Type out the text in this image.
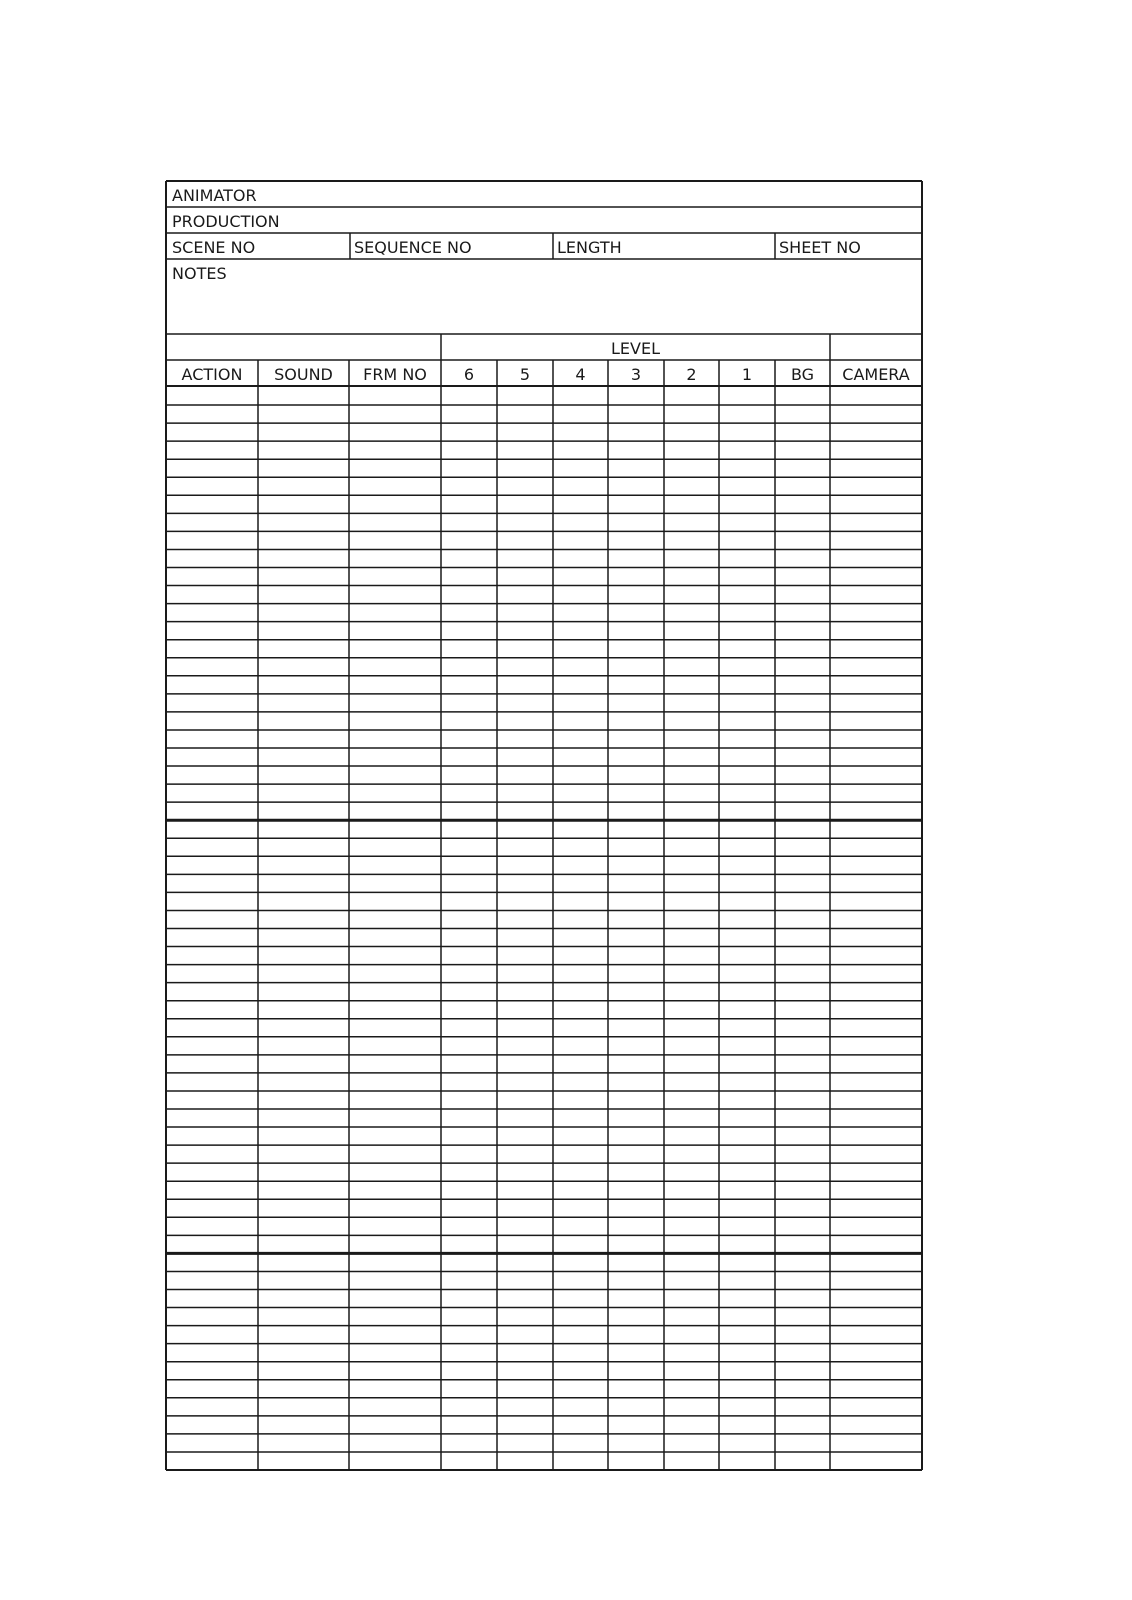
ANIMATOR
PRODUCTION
SCENE NO	SEQUENCE NO	LENGTH	SHEET NO
NOTES
LEVEL
ACTION	SOUND	FRM NO	6	5	4	3	2	1	BG	CAMERA
